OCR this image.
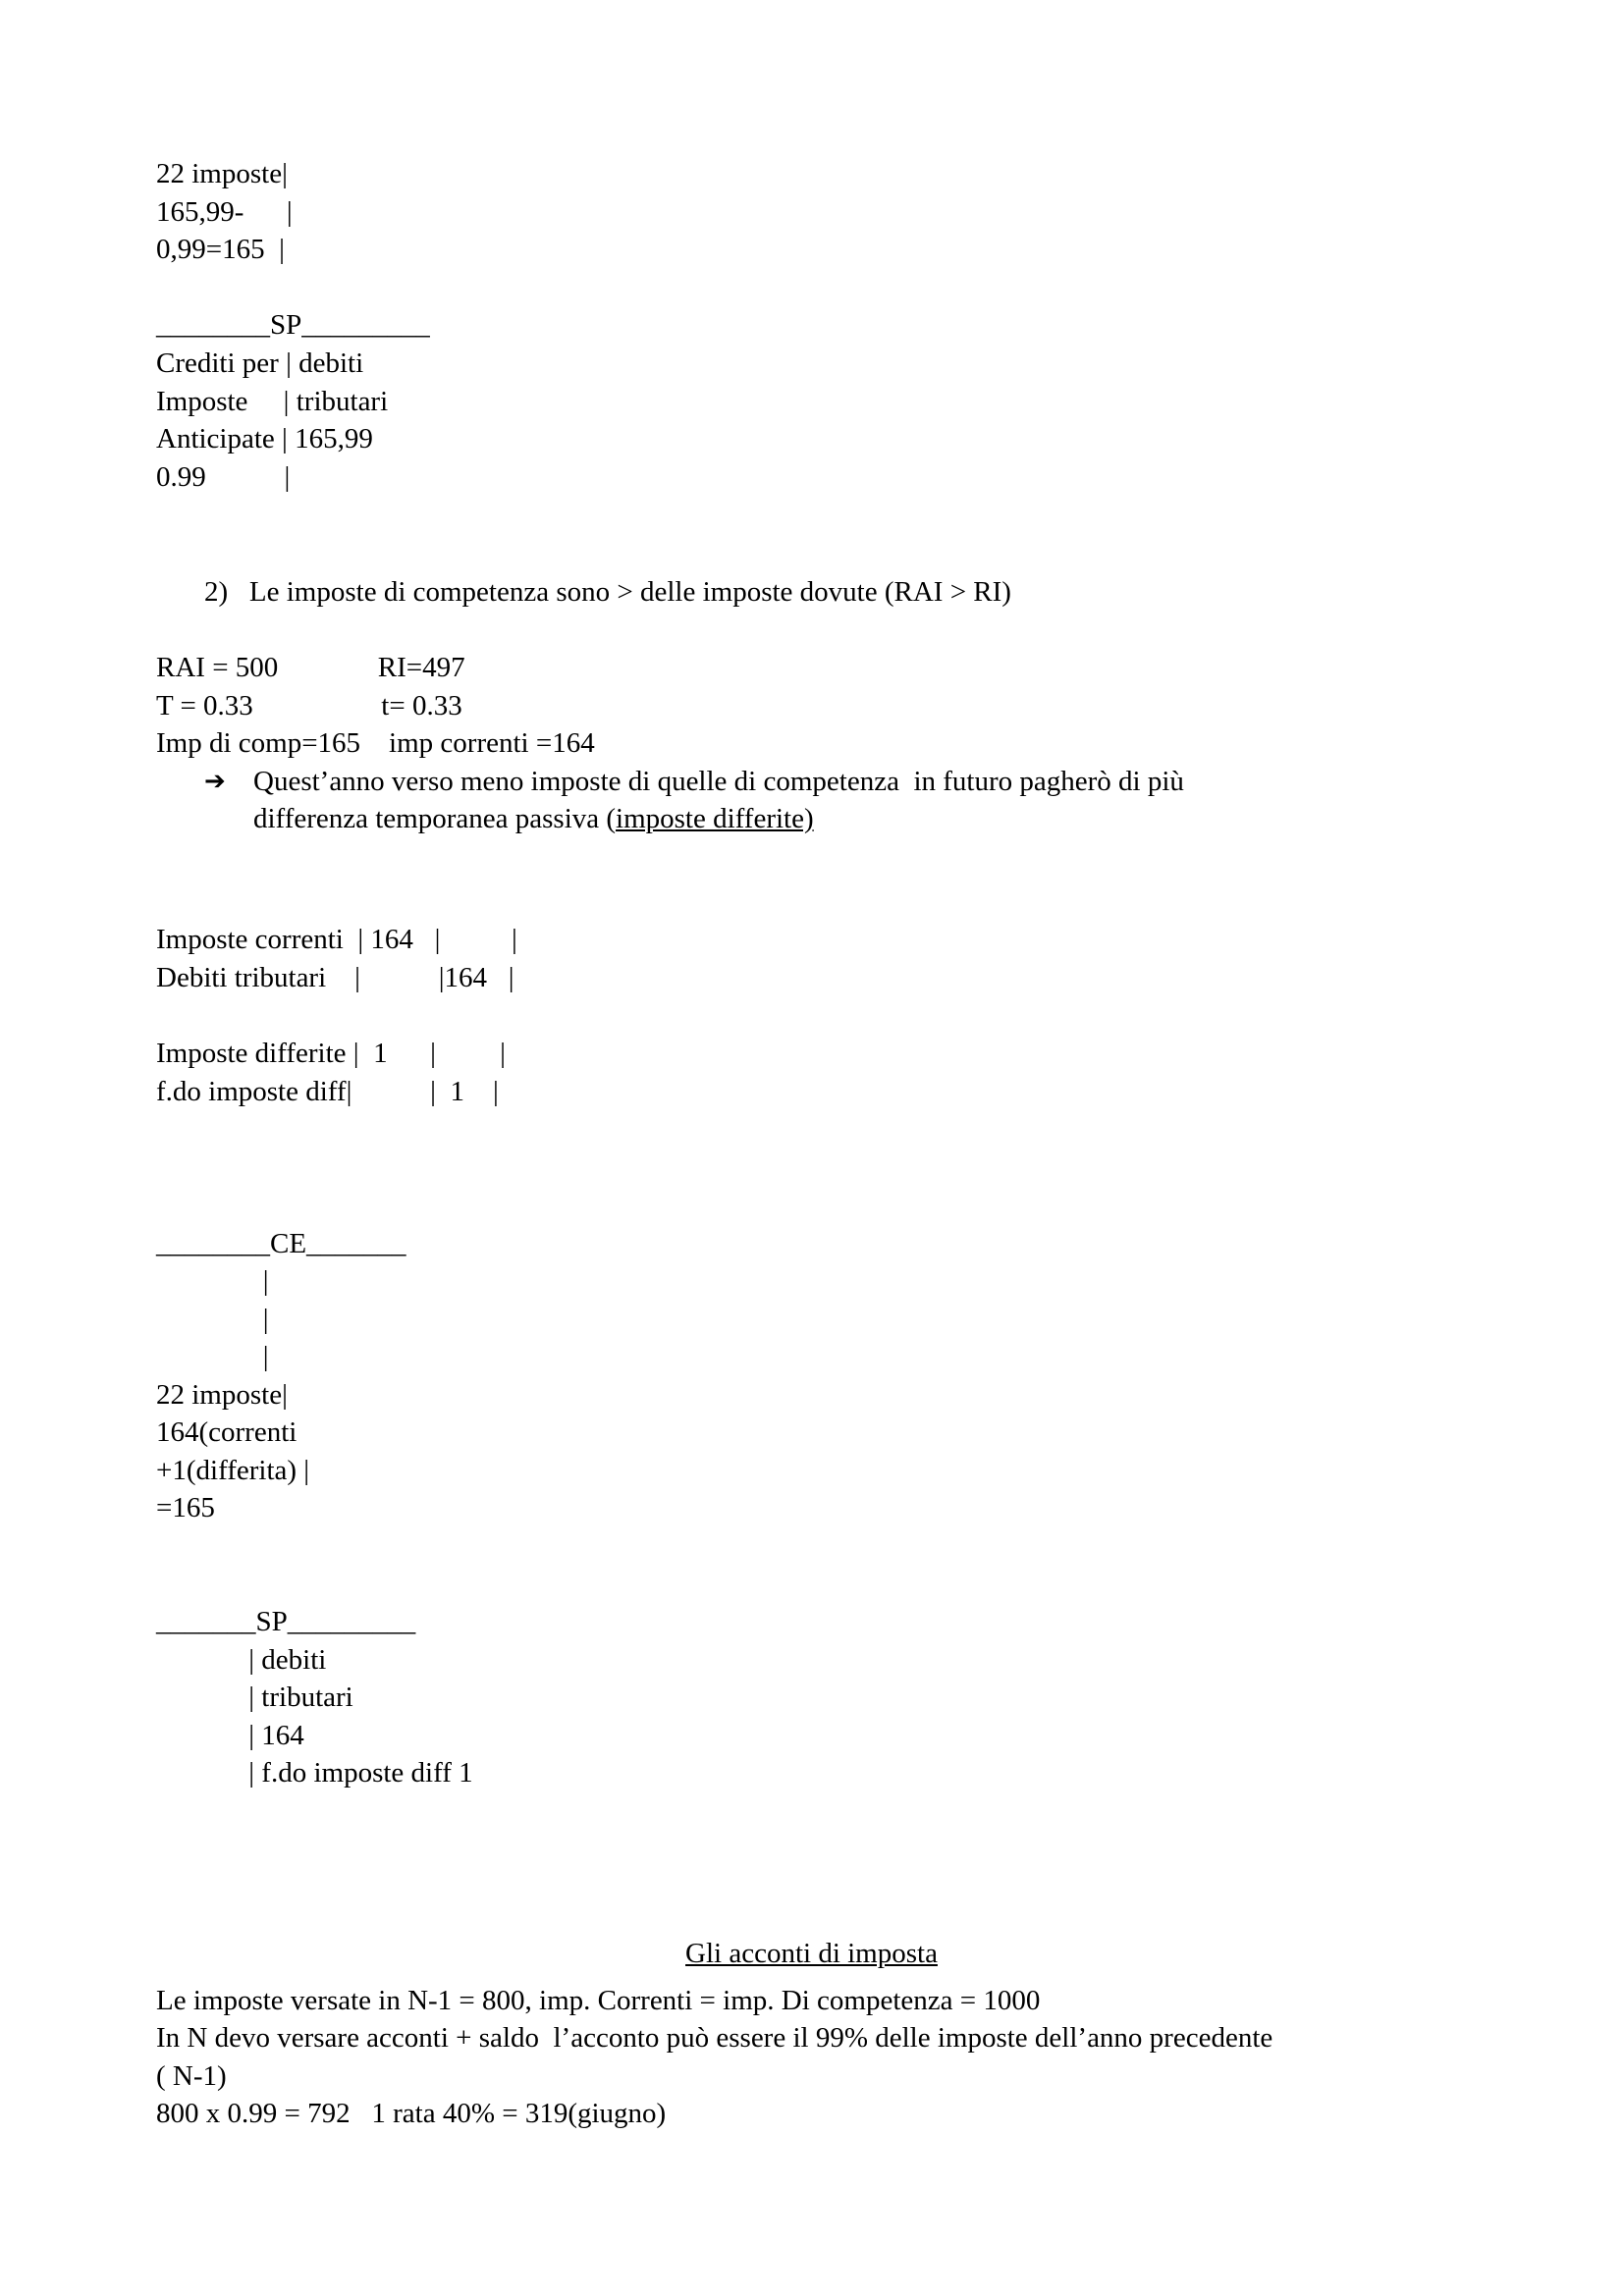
22 imposte|

165,99-      |

0,99=165  |

________SP_________

Crediti per | debiti

Imposte     | tributari

Anticipate | 165,99

0.99           |

2)   Le imposte di competenza sono > delle imposte dovute (RAI > RI)

RAI = 500              RI=497

T = 0.33                  t= 0.33

Imp di comp=165    imp correnti =164

➔ Quest’anno verso meno imposte di quelle di competenza  in futuro pagherò di più

differenza temporanea passiva (imposte differite)

Imposte correnti  | 164   |          |

Debiti tributari    |           |164   |

Imposte differite |  1      |         |

f.do imposte diff|           |  1    |

________CE_______

|

|

|

22 imposte|

164(correnti

+1(differita) |

=165

_______SP_________

| debiti

| tributari

| 164

| f.do imposte diff 1

Gli acconti di imposta

Le imposte versate in N-1 = 800, imp. Correnti = imp. Di competenza = 1000

In N devo versare acconti + saldo  l’acconto può essere il 99% delle imposte dell’anno precedente

( N-1)

800 x 0.99 = 792   1 rata 40% = 319(giugno)
